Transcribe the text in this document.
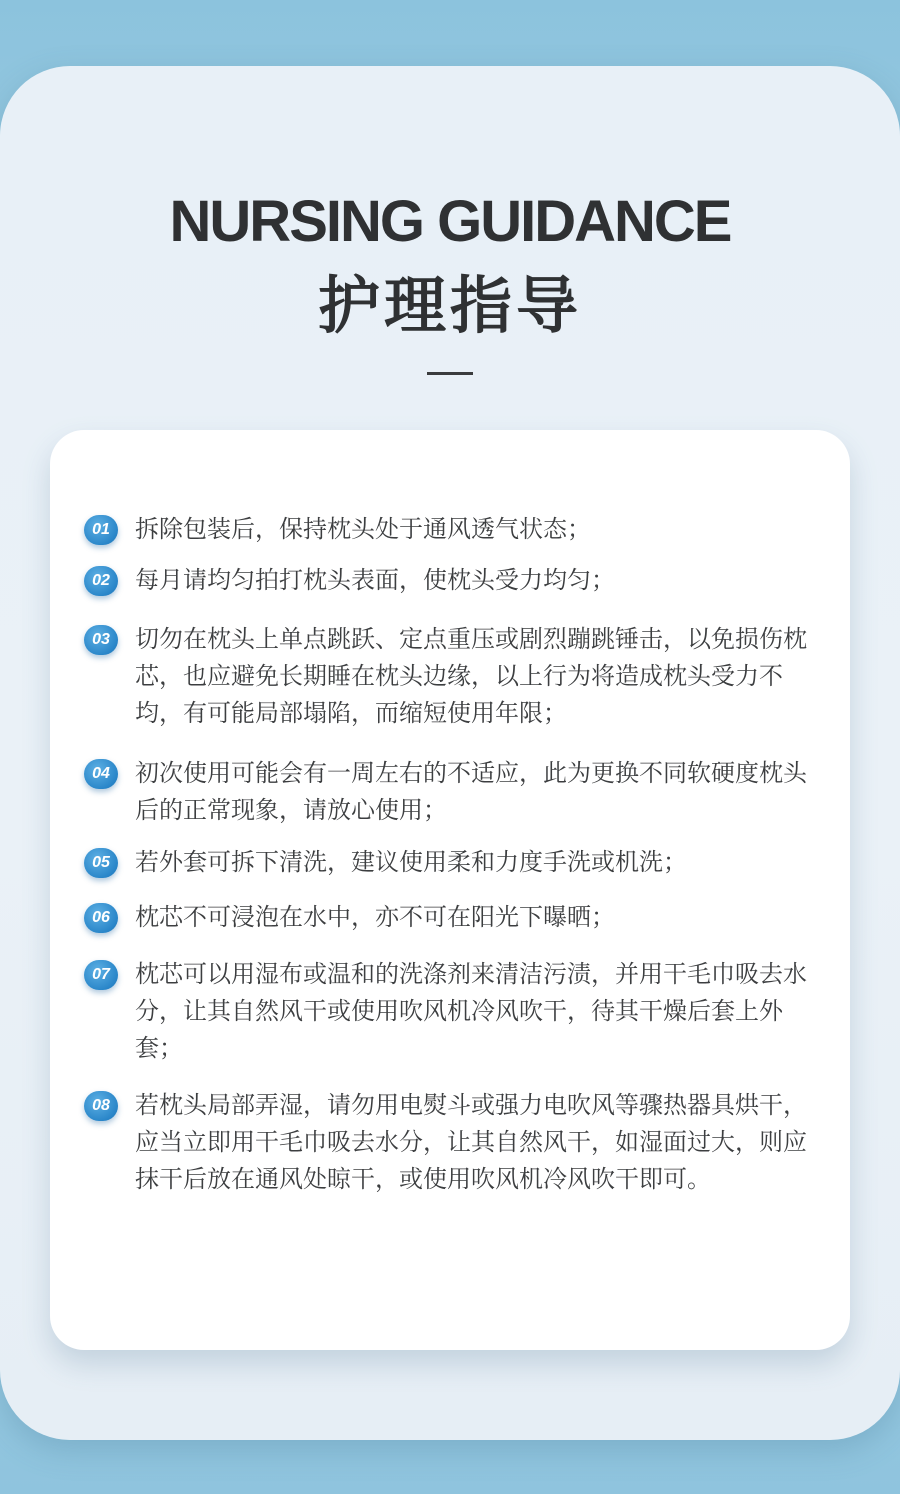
NURSING GUIDANCE
护理指导
01	拆除包装后，保持枕头处于通风透气状态；
02	每月请均匀拍打枕头表面，使枕头受力均匀；
03	切勿在枕头上单点跳跃、定点重压或剧烈蹦跳锤击，以免损伤枕芯，也应避免长期睡在枕头边缘，以上行为将造成枕头受力不均，有可能局部塌陷，而缩短使用年限；
04	初次使用可能会有一周左右的不适应，此为更换不同软硬度枕头后的正常现象，请放心使用；
05	若外套可拆下清洗，建议使用柔和力度手洗或机洗；
06	枕芯不可浸泡在水中，亦不可在阳光下曝晒；
07	枕芯可以用湿布或温和的洗涤剂来清洁污渍，并用干毛巾吸去水分，让其自然风干或使用吹风机冷风吹干，待其干燥后套上外套；
08	若枕头局部弄湿，请勿用电熨斗或强力电吹风等骤热器具烘干， 应当立即用干毛巾吸去水分，让其自然风干，如湿面过大，则应抹干后放在通风处晾干，或使用吹风机冷风吹干即可。
